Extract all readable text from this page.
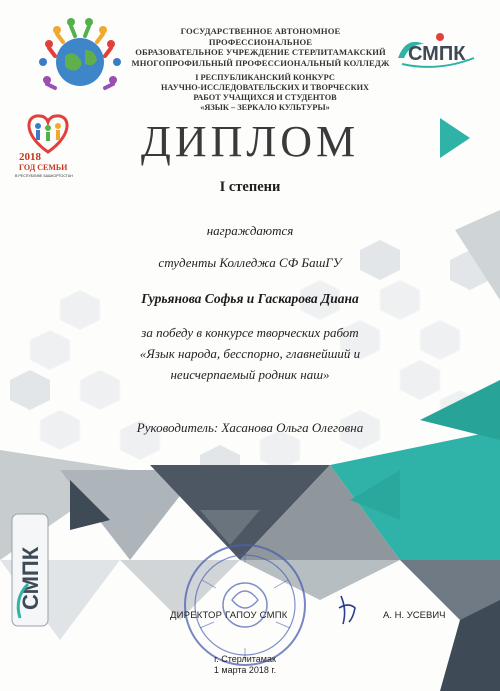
ГОСУДАРСТВЕННОЕ АВТОНОМНОЕ ПРОФЕССИОНАЛЬНОЕ
ОБРАЗОВАТЕЛЬНОЕ УЧРЕЖДЕНИЕ СТЕРЛИТАМАКСКИЙ
МНОГОПРОФИЛЬНЫЙ ПРОФЕССИОНАЛЬНЫЙ КОЛЛЕДЖ СМПК
I РЕСПУБЛИКАНСКИЙ КОНКУРС
НАУЧНО-ИССЛЕДОВАТЕЛЬСКИХ И ТВОРЧЕСКИХ
РАБОТ УЧАЩИХСЯ И СТУДЕНТОВ
«ЯЗЫК – ЗЕРКАЛО КУЛЬТУРЫ»
2018
ГОД СЕМЬИ
В РЕСПУБЛИКЕ БАШКОРТОСТАН
ДИПЛОМ
I степени
награждаются
студенты Колледжа СФ БашГУ
Гурьянова Софья и Гаскарова Диана
за победу в конкурсе творческих работ
«Язык народа, бесспорно, главнейший и
неисчерпаемый родник наш»
Руководитель: Хасанова Ольга Олеговна
СМПК
ДИРЕКТОР ГАПОУ СМПК	А. Н. УСЕВИЧ
г. Стерлитамак
1 марта 2018 г.
